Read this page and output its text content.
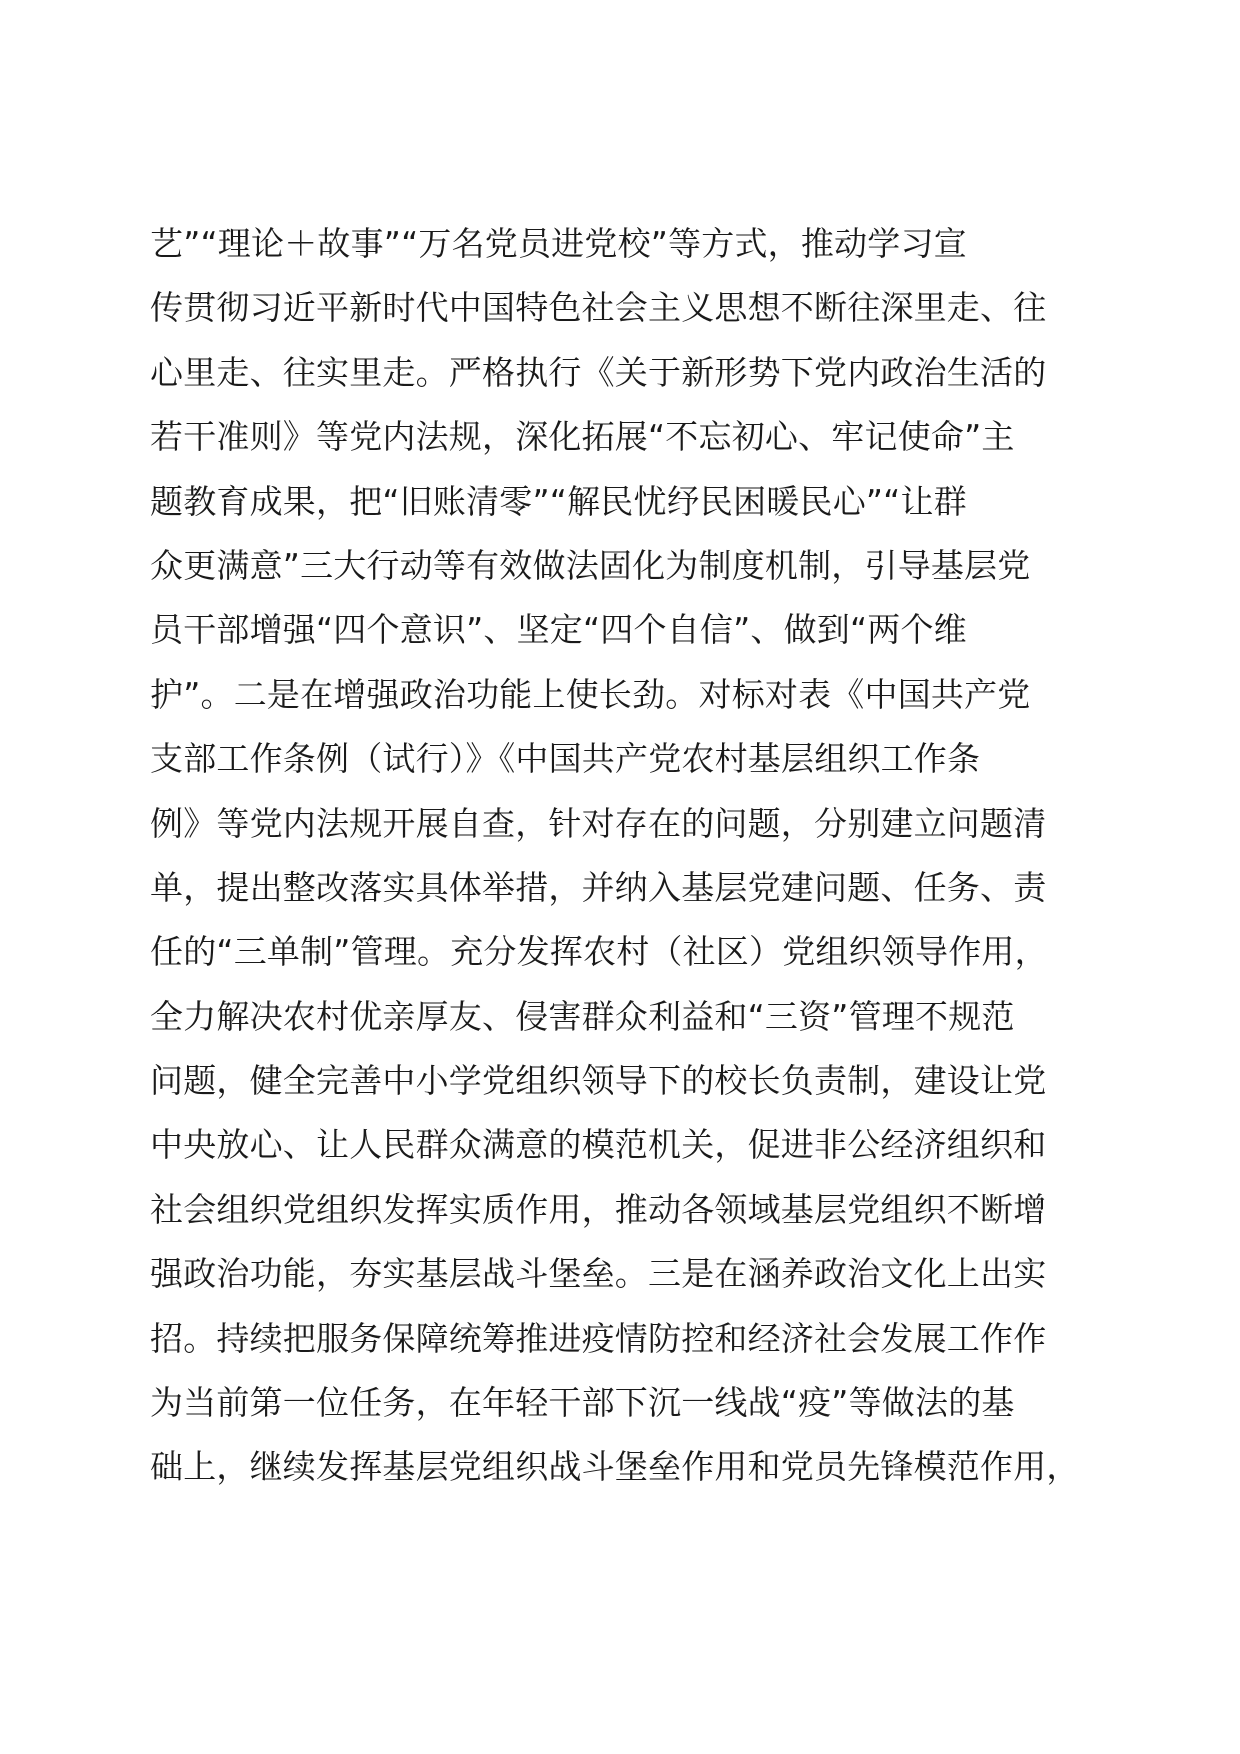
艺”“理论＋故事”“万名党员进党校”等方式，推动学习宣
传贯彻习近平新时代中国特色社会主义思想不断往深里走、往
心里走、往实里走。严格执行《关于新形势下党内政治生活的
若干准则》等党内法规，深化拓展“不忘初心、牢记使命”主
题教育成果，把“旧账清零”“解民忧纾民困暖民心”“让群
众更满意”三大行动等有效做法固化为制度机制，引导基层党
员干部增强“四个意识”、坚定“四个自信”、做到“两个维
护”。二是在增强政治功能上使长劲。对标对表《中国共产党
支部工作条例（试行）》《中国共产党农村基层组织工作条
例》等党内法规开展自查，针对存在的问题，分别建立问题清
单，提出整改落实具体举措，并纳入基层党建问题、任务、责
任的“三单制”管理。充分发挥农村（社区）党组织领导作用，
全力解决农村优亲厚友、侵害群众利益和“三资”管理不规范
问题，健全完善中小学党组织领导下的校长负责制，建设让党
中央放心、让人民群众满意的模范机关，促进非公经济组织和
社会组织党组织发挥实质作用，推动各领域基层党组织不断增
强政治功能，夯实基层战斗堡垒。三是在涵养政治文化上出实
招。持续把服务保障统筹推进疫情防控和经济社会发展工作作
为当前第一位任务，在年轻干部下沉一线战“疫”等做法的基
础上，继续发挥基层党组织战斗堡垒作用和党员先锋模范作用，
